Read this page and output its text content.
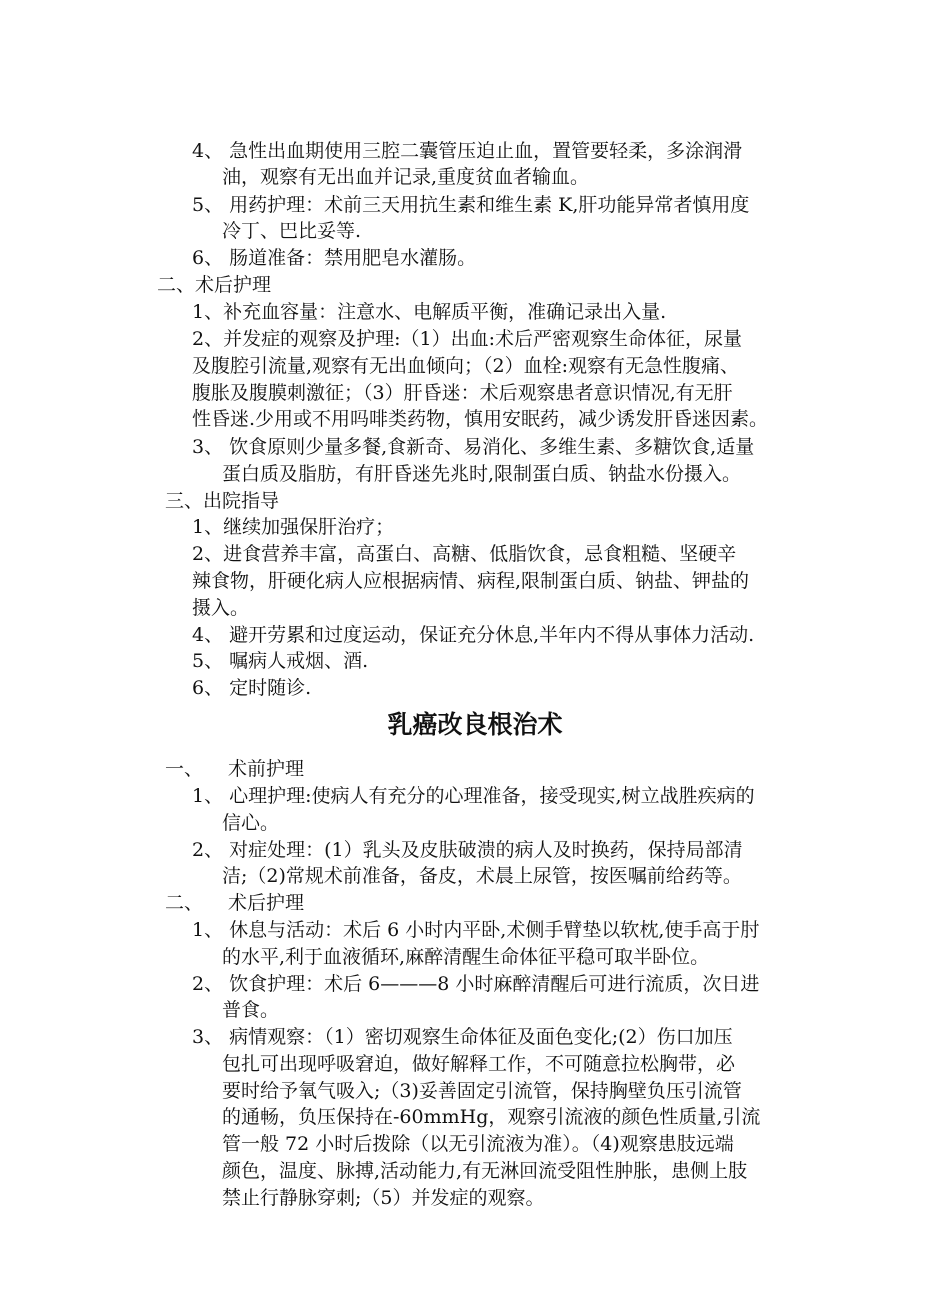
4、 急性出血期使用三腔二囊管压迫止血，置管要轻柔，多涂润滑
油，观察有无出血并记录,重度贫血者输血。
5、 用药护理：术前三天用抗生素和维生素 K,肝功能异常者慎用度
冷丁、巴比妥等.
6、 肠道准备：禁用肥皂水灌肠。
二、术后护理
1、补充血容量：注意水、电解质平衡，准确记录出入量.
2、并发症的观察及护理:（1）出血:术后严密观察生命体征，尿量
及腹腔引流量,观察有无出血倾向；（2）血栓:观察有无急性腹痛、
腹胀及腹膜刺激征；（3）肝昏迷：术后观察患者意识情况,有无肝
性昏迷.少用或不用吗啡类药物，慎用安眠药，减少诱发肝昏迷因素。
3、 饮食原则少量多餐,食新奇、易消化、多维生素、多糖饮食,适量
蛋白质及脂肪，有肝昏迷先兆时,限制蛋白质、钠盐水份摄入。
三、出院指导
1、继续加强保肝治疗；
2、进食营养丰富，高蛋白、高糖、低脂饮食，忌食粗糙、坚硬辛
辣食物，肝硬化病人应根据病情、病程,限制蛋白质、钠盐、钾盐的
摄入。
4、 避开劳累和过度运动，保证充分休息,半年内不得从事体力活动.
5、 嘱病人戒烟、酒.
6、 定时随诊.
乳癌改良根治术
一、 术前护理
1、 心理护理:使病人有充分的心理准备，接受现实,树立战胜疾病的
信心。
2、 对症处理：(1）乳头及皮肤破溃的病人及时换药，保持局部清
洁;（2)常规术前准备，备皮，术晨上尿管，按医嘱前给药等。
二、 术后护理
1、 休息与活动：术后 6 小时内平卧,术侧手臂垫以软枕,使手高于肘
的水平,利于血液循环,麻醉清醒生命体征平稳可取半卧位。
2、 饮食护理：术后 6———8 小时麻醉清醒后可进行流质，次日进
普食。
3、 病情观察：（1）密切观察生命体征及面色变化;(2）伤口加压
包扎可出现呼吸窘迫，做好解释工作，不可随意拉松胸带，必
要时给予氧气吸入;（3)妥善固定引流管，保持胸壁负压引流管
的通畅，负压保持在-60mmHg，观察引流液的颜色性质量,引流
管一般 72 小时后拨除（以无引流液为准）。（4)观察患肢远端
颜色，温度、脉搏,活动能力,有无淋回流受阻性肿胀，患侧上肢
禁止行静脉穿刺;（5）并发症的观察。
